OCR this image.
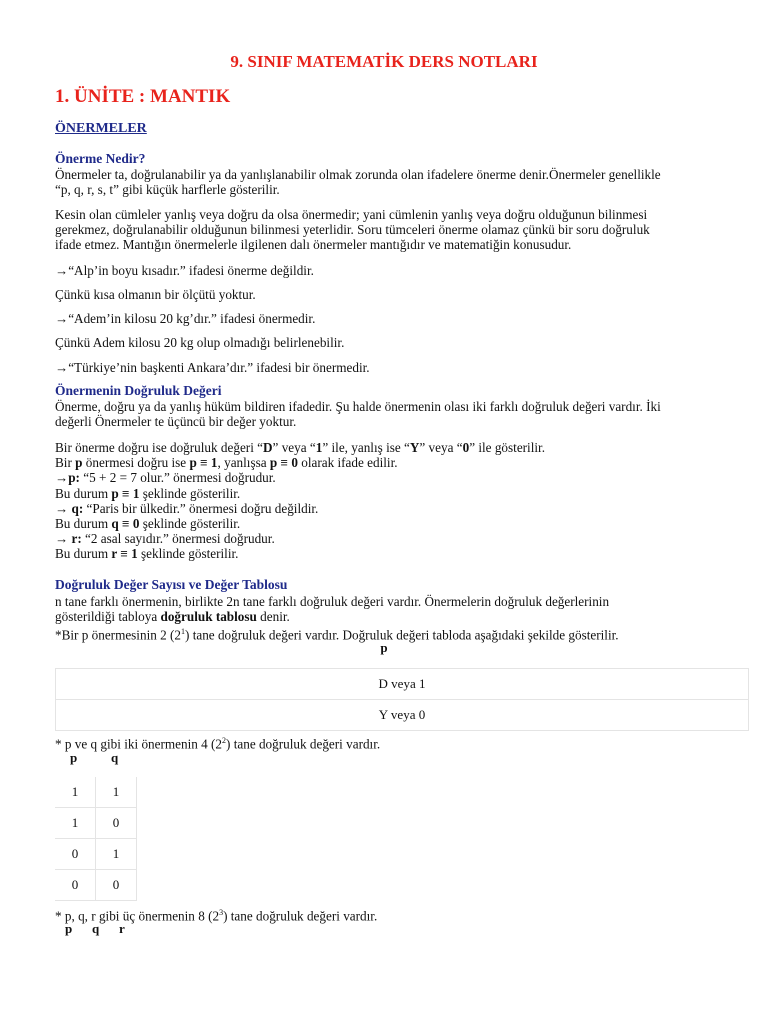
9. SINIF MATEMATİK DERS NOTLARI
1. ÜNİTE : MANTIK
ÖNERMELER
Önerme Nedir?

Önermeler ta, doğrulanabilir ya da yanlışlanabilir olmak zorunda olan ifadelere önerme denir.Önermeler genellikle
“p, q, r, s, t” gibi küçük harflerle gösterilir.

Kesin olan cümleler yanlış veya doğru da olsa önermedir; yani cümlenin yanlış veya doğru olduğunun bilinmesi
gerekmez, doğrulanabilir olduğunun bilinmesi yeterlidir. Soru tümceleri önerme olamaz çünkü bir soru doğruluk
ifade etmez. Mantığın önermelerle ilgilenen dalı önermeler mantığıdır ve matematiğin konusudur.

→“Alp’in boyu kısadır.” ifadesi önerme değildir.

Çünkü kısa olmanın bir ölçütü yoktur.

→“Adem’in kilosu 20 kg’dır.” ifadesi önermedir.

Çünkü Adem kilosu 20 kg olup olmadığı belirlenebilir.

→“Türkiye’nin başkenti Ankara’dır.” ifadesi bir önermedir.

Önermenin Doğruluk Değeri

Önerme, doğru ya da yanlış hüküm bildiren ifadedir. Şu halde önermenin olası iki farklı doğruluk değeri vardır. İki
değerli Önermeler te üçüncü bir değer yoktur.

Bir önerme doğru ise doğruluk değeri “D” veya “1” ile, yanlış ise “Y” veya “0” ile gösterilir.
Bir p önermesi doğru ise p ≡ 1, yanlışsa p ≡ 0 olarak ifade edilir.
→p: “5 + 2 = 7 olur.” önermesi doğrudur.
Bu durum p ≡ 1 şeklinde gösterilir.
→ q: “Paris bir ülkedir.” önermesi doğru değildir.
Bu durum q ≡ 0 şeklinde gösterilir.
→ r: “2 asal sayıdır.” önermesi doğrudur.
Bu durum r ≡ 1 şeklinde gösterilir.

Doğruluk Değer Sayısı ve Değer Tablosu

n tane farklı önermenin, birlikte 2n tane farklı doğruluk değeri vardır. Önermelerin doğruluk değerlerinin
gösterildiği tabloya doğruluk tablosu denir.
*Bir p önermesinin 2 $(2^1)$ tane doğruluk değeri vardır. Doğruluk değeri tabloda aşağıdaki şekilde gösterilir.

p

D veya 1
Y veya 0

* p ve q gibi iki önermenin 4 $(2^2)$ tane doğruluk değeri vardır.

p	q

1	1
1	0
0	1
0	0

* p, q, r gibi üç önermenin 8 $(2^3)$ tane doğruluk değeri vardır.

p q r
